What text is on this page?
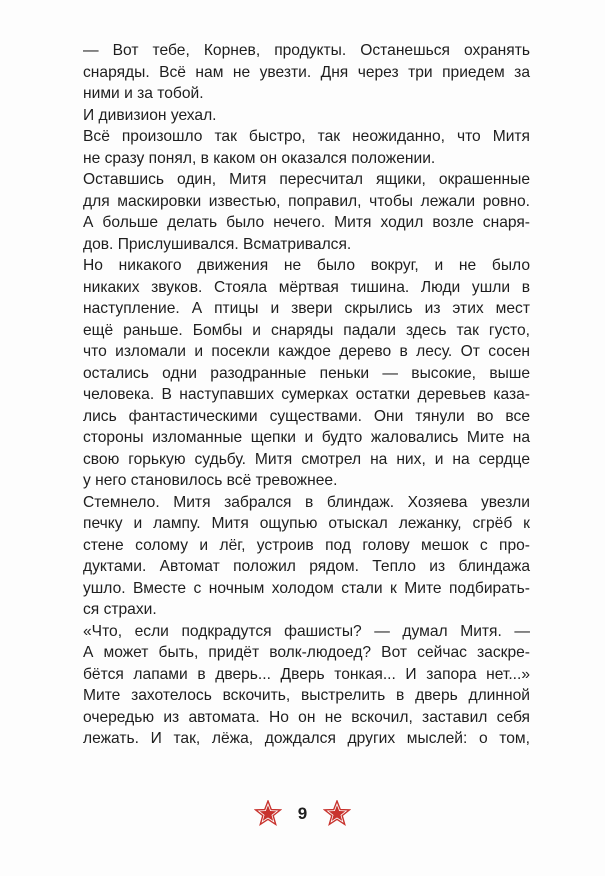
— Вот тебе, Корнев, продукты. Останешься охранять
снаряды. Всё нам не увезти. Дня через три приедем за
ними и за тобой.

И дивизион уехал.

Всё произошло так быстро, так неожиданно, что Митя
не сразу понял, в каком он оказался положении.

Оставшись один, Митя пересчитал ящики, окрашенные
для маскировки известью, поправил, чтобы лежали ровно.
А больше делать было нечего. Митя ходил возле снаря-
дов. Прислушивался. Всматривался.

Но никакого движения не было вокруг, и не было
никаких звуков. Стояла мёртвая тишина. Люди ушли в
наступление. А птицы и звери скрылись из этих мест
ещё раньше. Бомбы и снаряды падали здесь так густо,
что изломали и посекли каждое дерево в лесу. От сосен
остались одни разодранные пеньки — высокие, выше
человека. В наступавших сумерках остатки деревьев каза-
лись фантастическими существами. Они тянули во все
стороны изломанные щепки и будто жаловались Мите на
свою горькую судьбу. Митя смотрел на них, и на сердце
у него становилось всё тревожнее.

Стемнело. Митя забрался в блиндаж. Хозяева увезли
печку и лампу. Митя ощупью отыскал лежанку, сгрёб к
стене солому и лёг, устроив под голову мешок с про-
дуктами. Автомат положил рядом. Тепло из блиндажа
ушло. Вместе с ночным холодом стали к Мите подбирать-
ся страхи.

«Что, если подкрадутся фашисты? — думал Митя. —
А может быть, придёт волк-людоед? Вот сейчас заскре-
бётся лапами в дверь... Дверь тонкая... И запора нет...»
Мите захотелось вскочить, выстрелить в дверь длинной
очередью из автомата. Но он не вскочил, заставил себя
лежать. И так, лёжа, дождался других мыслей: о том,

9
